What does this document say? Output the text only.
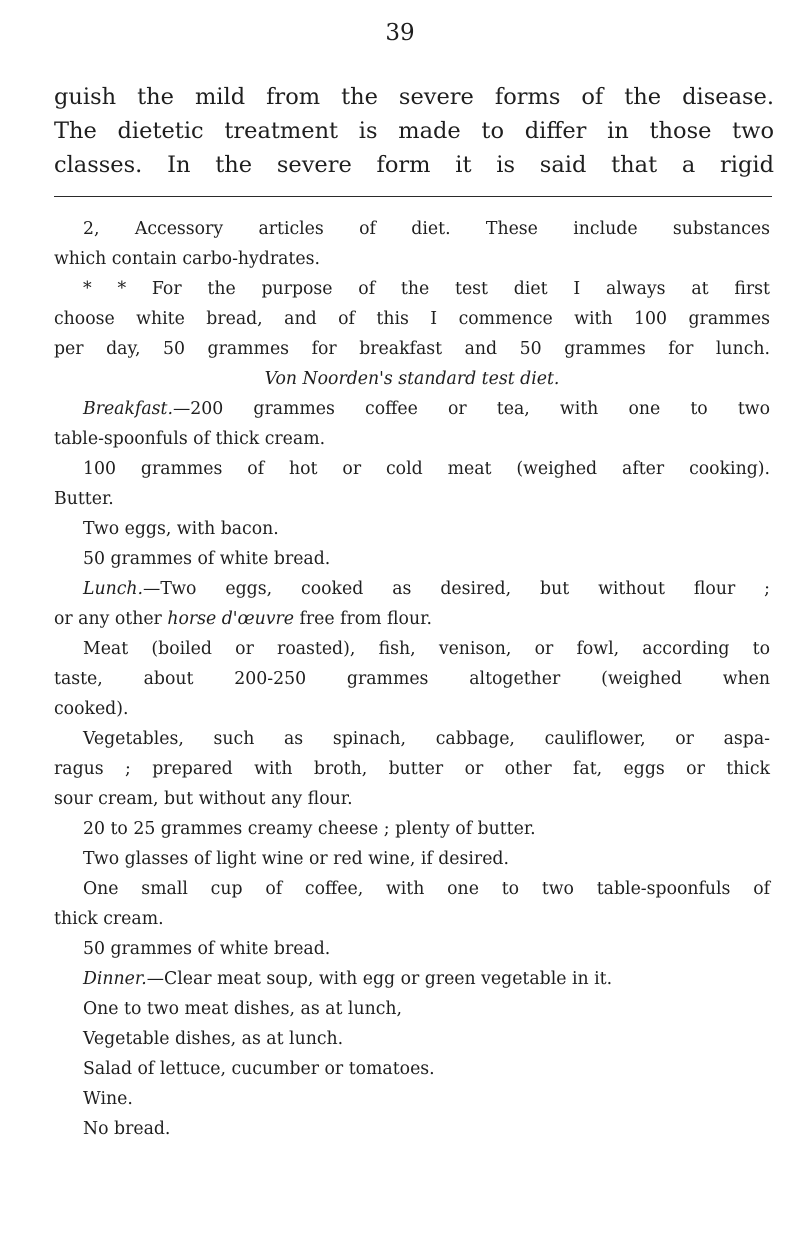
39
guish the mild from the severe forms of the disease.
The dietetic treatment is made to differ in those two
classes. In the severe form it is said that a rigid
2, Accessory articles of diet. These include substances
which contain carbo-hydrates.
* * For the purpose of the test diet I always at first
choose white bread, and of this I commence with 100 grammes
per day, 50 grammes for breakfast and 50 grammes for lunch.
Von Noorden's standard test diet.
Breakfast.—200 grammes coffee or tea, with one to two
table-spoonfuls of thick cream.
100 grammes of hot or cold meat (weighed after cooking).
Butter.
Two eggs, with bacon.
50 grammes of white bread.
Lunch.—Two eggs, cooked as desired, but without flour ;
or any other horse d'œuvre free from flour.
Meat (boiled or roasted), fish, venison, or fowl, according to
taste, about 200-250 grammes altogether (weighed when
cooked).
Vegetables, such as spinach, cabbage, cauliflower, or aspa-
ragus ; prepared with broth, butter or other fat, eggs or thick
sour cream, but without any flour.
20 to 25 grammes creamy cheese ; plenty of butter.
Two glasses of light wine or red wine, if desired.
One small cup of coffee, with one to two table-spoonfuls of
thick cream.
50 grammes of white bread.
Dinner.—Clear meat soup, with egg or green vegetable in it.
One to two meat dishes, as at lunch,
Vegetable dishes, as at lunch.
Salad of lettuce, cucumber or tomatoes.
Wine.
No bread.
